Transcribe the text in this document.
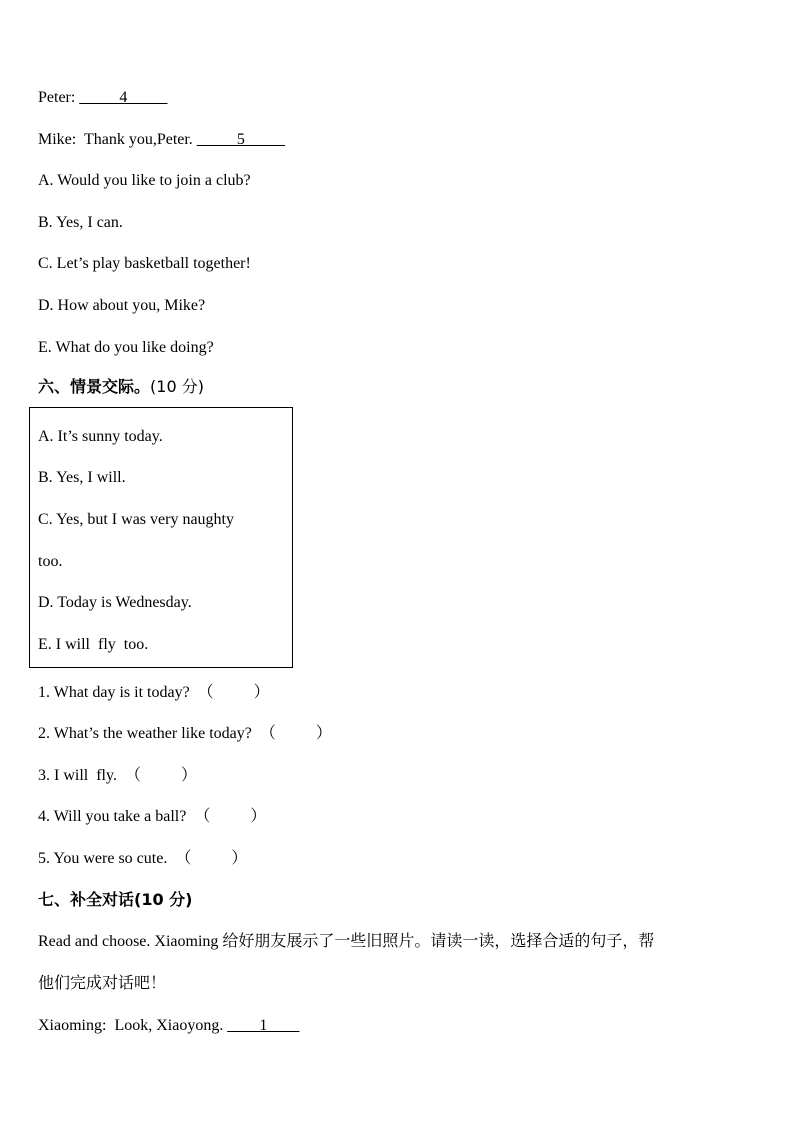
Peter: _____4_____
Mike:  Thank you,Peter. _____5_____
A. Would you like to join a club?
B. Yes, I can.
C. Let’s play basketball together!
D. How about you, Mike?
E. What do you like doing?
六、情景交际。(10 分)
A. It’s sunny today.
B. Yes, I will.
C. Yes, but I was very naughty
too.
D. Today is Wednesday.
E. I will  fly  too.
1. What day is it today? （          ）
2. What’s the weather like today? （          ）
3. I will  fly. （          ）
4. Will you take a ball? （          ）
5. You were so cute. （          ）
七、补全对话(10 分)
Read and choose. Xiaoming 给好朋友展示了一些旧照片。请读一读，选择合适的句子，帮
他们完成对话吧！
Xiaoming:  Look, Xiaoyong. ____1____
